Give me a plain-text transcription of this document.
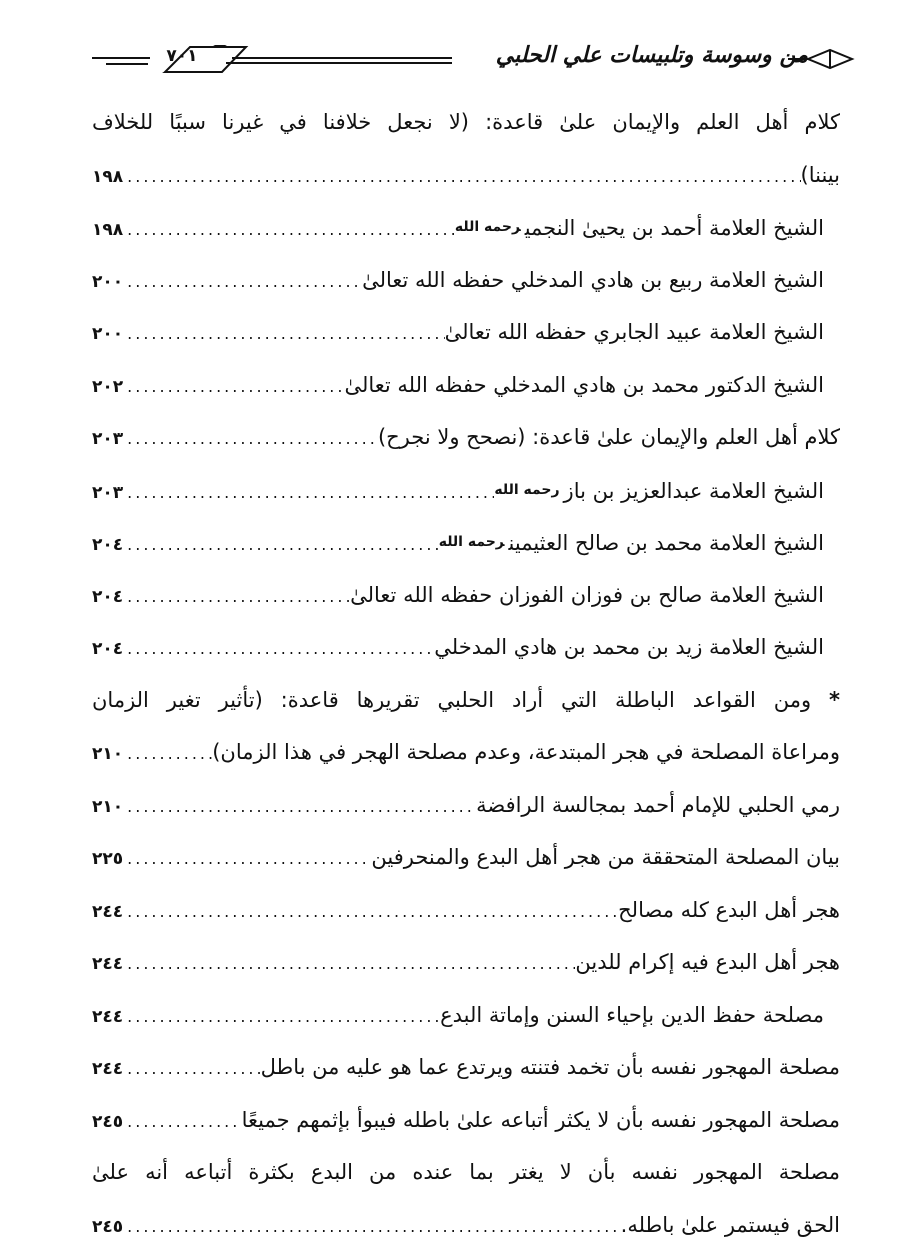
٧٠١	من وسوسة وتلبيسات علي الحلبي
كلام أهل العلم والإيمان علىٰ قاعدة: (لا نجعل خلافنا في غيرنا سببًا للخلاف
بيننا)
.....
١٩٨
الشيخ العلامة أحمد بن يحيىٰ النجميرحمه الله
.....
١٩٨
الشيخ العلامة ربيع بن هادي المدخلي حفظه الله تعالىٰ
.....
٢٠٠
الشيخ العلامة عبيد الجابري حفظه الله تعالىٰ
.....
٢٠٠
الشيخ الدكتور محمد بن هادي المدخلي حفظه الله تعالىٰ
.....
٢٠٢
كلام أهل العلم والإيمان علىٰ قاعدة: (نصحح ولا نجرح)
.....
٢٠٣
الشيخ العلامة عبدالعزيز بن بازرحمه الله
.....
٢٠٣
الشيخ العلامة محمد بن صالح العثيمينرحمه الله
.....
٢٠٤
الشيخ العلامة صالح بن فوزان الفوزان حفظه الله تعالىٰ
.....
٢٠٤
الشيخ العلامة زيد بن محمد بن هادي المدخلي
.....
٢٠٤
* ومن القواعد الباطلة التي أراد الحلبي تقريرها قاعدة: (تأثير تغير الزمان
ومراعاة المصلحة في هجر المبتدعة، وعدم مصلحة الهجر في هذا الزمان)
.....
٢١٠
رمي الحلبي للإمام أحمد بمجالسة الرافضة
.....
٢١٠
بيان المصلحة المتحققة من هجر أهل البدع والمنحرفين
.....
٢٢٥
هجر أهل البدع كله مصالح
.....
٢٤٤
هجر أهل البدع فيه إكرام للدين
.....
٢٤٤
مصلحة حفظ الدين بإحياء السنن وإماتة البدع
.....
٢٤٤
مصلحة المهجور نفسه بأن تخمد فتنته ويرتدع عما هو عليه من باطل
.....
٢٤٤
مصلحة المهجور نفسه بأن لا يكثر أتباعه علىٰ باطله فيبوأ بإثمهم جميعًا
.....
٢٤٥
مصلحة المهجور نفسه بأن لا يغتر بما عنده من البدع بكثرة أتباعه أنه علىٰ
الحق فيستمر علىٰ باطله.
.....
٢٤٥
